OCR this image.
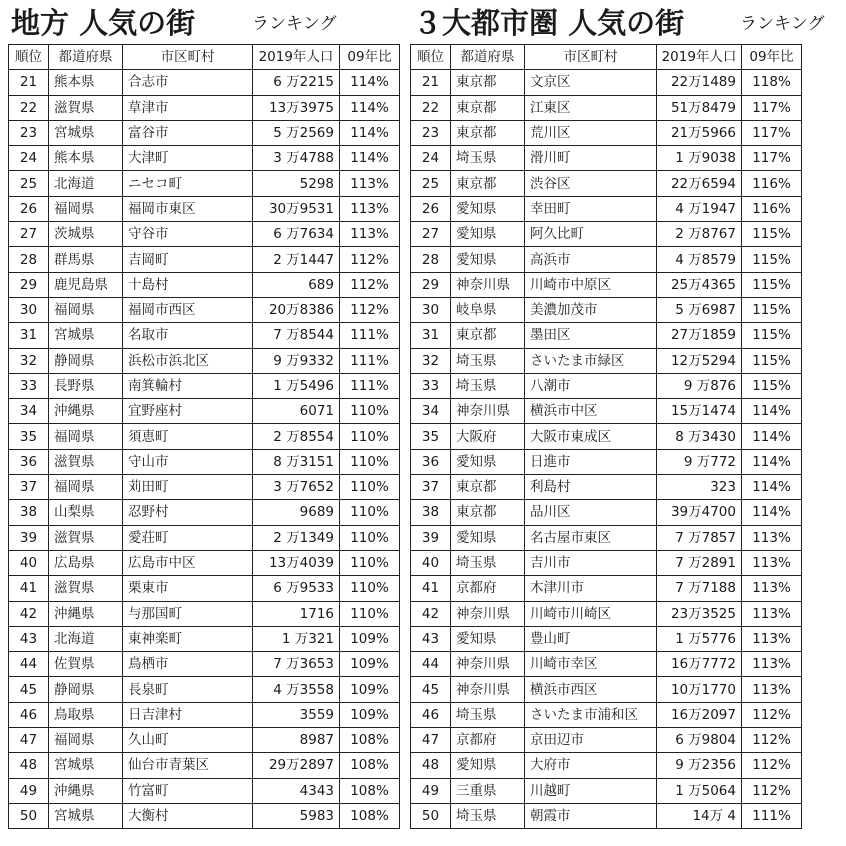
地方 人気の街	ランキング
順位	都道府県	市区町村	2019年人口	09年比
21	熊本県	合志市	6 万2215	114%
22	滋賀県	草津市	13万3975	114%
23	宮城県	富谷市	5 万2569	114%
24	熊本県	大津町	3 万4788	114%
25	北海道	ニセコ町	5298	113%
26	福岡県	福岡市東区	30万9531	113%
27	茨城県	守谷市	6 万7634	113%
28	群馬県	吉岡町	2 万1447	112%
29	鹿児島県	十島村	689	112%
30	福岡県	福岡市西区	20万8386	112%
31	宮城県	名取市	7 万8544	111%
32	静岡県	浜松市浜北区	9 万9332	111%
33	長野県	南箕輪村	1 万5496	111%
34	沖縄県	宜野座村	6071	110%
35	福岡県	須恵町	2 万8554	110%
36	滋賀県	守山市	8 万3151	110%
37	福岡県	苅田町	3 万7652	110%
38	山梨県	忍野村	9689	110%
39	滋賀県	愛荘町	2 万1349	110%
40	広島県	広島市中区	13万4039	110%
41	滋賀県	栗東市	6 万9533	110%
42	沖縄県	与那国町	1716	110%
43	北海道	東神楽町	1 万321	109%
44	佐賀県	鳥栖市	7 万3653	109%
45	静岡県	長泉町	4 万3558	109%
46	鳥取県	日吉津村	3559	109%
47	福岡県	久山町	8987	108%
48	宮城県	仙台市青葉区	29万2897	108%
49	沖縄県	竹富町	4343	108%
50	宮城県	大衡村	5983	108%
３大都市圏 人気の街	ランキング
順位	都道府県	市区町村	2019年人口	09年比
21	東京都	文京区	22万1489	118%
22	東京都	江東区	51万8479	117%
23	東京都	荒川区	21万5966	117%
24	埼玉県	滑川町	1 万9038	117%
25	東京都	渋谷区	22万6594	116%
26	愛知県	幸田町	4 万1947	116%
27	愛知県	阿久比町	2 万8767	115%
28	愛知県	高浜市	4 万8579	115%
29	神奈川県	川崎市中原区	25万4365	115%
30	岐阜県	美濃加茂市	5 万6987	115%
31	東京都	墨田区	27万1859	115%
32	埼玉県	さいたま市緑区	12万5294	115%
33	埼玉県	八潮市	9 万876	115%
34	神奈川県	横浜市中区	15万1474	114%
35	大阪府	大阪市東成区	8 万3430	114%
36	愛知県	日進市	9 万772	114%
37	東京都	利島村	323	114%
38	東京都	品川区	39万4700	114%
39	愛知県	名古屋市東区	7 万7857	113%
40	埼玉県	吉川市	7 万2891	113%
41	京都府	木津川市	7 万7188	113%
42	神奈川県	川崎市川崎区	23万3525	113%
43	愛知県	豊山町	1 万5776	113%
44	神奈川県	川崎市幸区	16万7772	113%
45	神奈川県	横浜市西区	10万1770	113%
46	埼玉県	さいたま市浦和区	16万2097	112%
47	京都府	京田辺市	6 万9804	112%
48	愛知県	大府市	9 万2356	112%
49	三重県	川越町	1 万5064	112%
50	埼玉県	朝霞市	14万 4	111%
